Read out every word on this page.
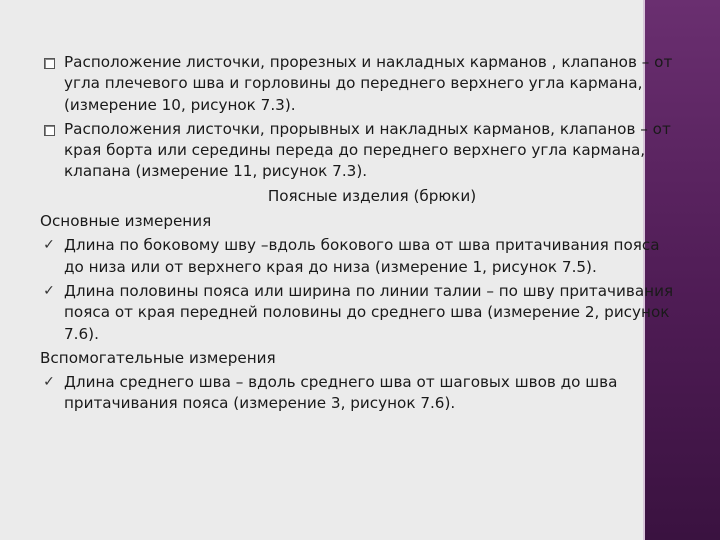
Расположение листочки, прорезных и накладных карманов , клапанов – от угла плечевого шва и горловины до переднего верхнего угла кармана, (измерение 10, рисунок 7.3).
Расположения листочки, прорывных и накладных карманов, клапанов – от края борта или середины переда до переднего верхнего угла кармана, клапана (измерение 11, рисунок 7.3).
Поясные изделия (брюки)
Основные измерения
✓ Длина по боковому шву –вдоль бокового шва от шва притачивания пояса до низа или от верхнего края до низа (измерение 1, рисунок 7.5).
✓ Длина половины пояса или ширина по линии талии – по шву притачивания пояса от края передней половины до среднего шва (измерение 2, рисунок 7.6).
Вспомогательные измерения
✓ Длина среднего шва – вдоль среднего шва от шаговых швов до шва притачивания пояса (измерение 3, рисунок 7.6).
